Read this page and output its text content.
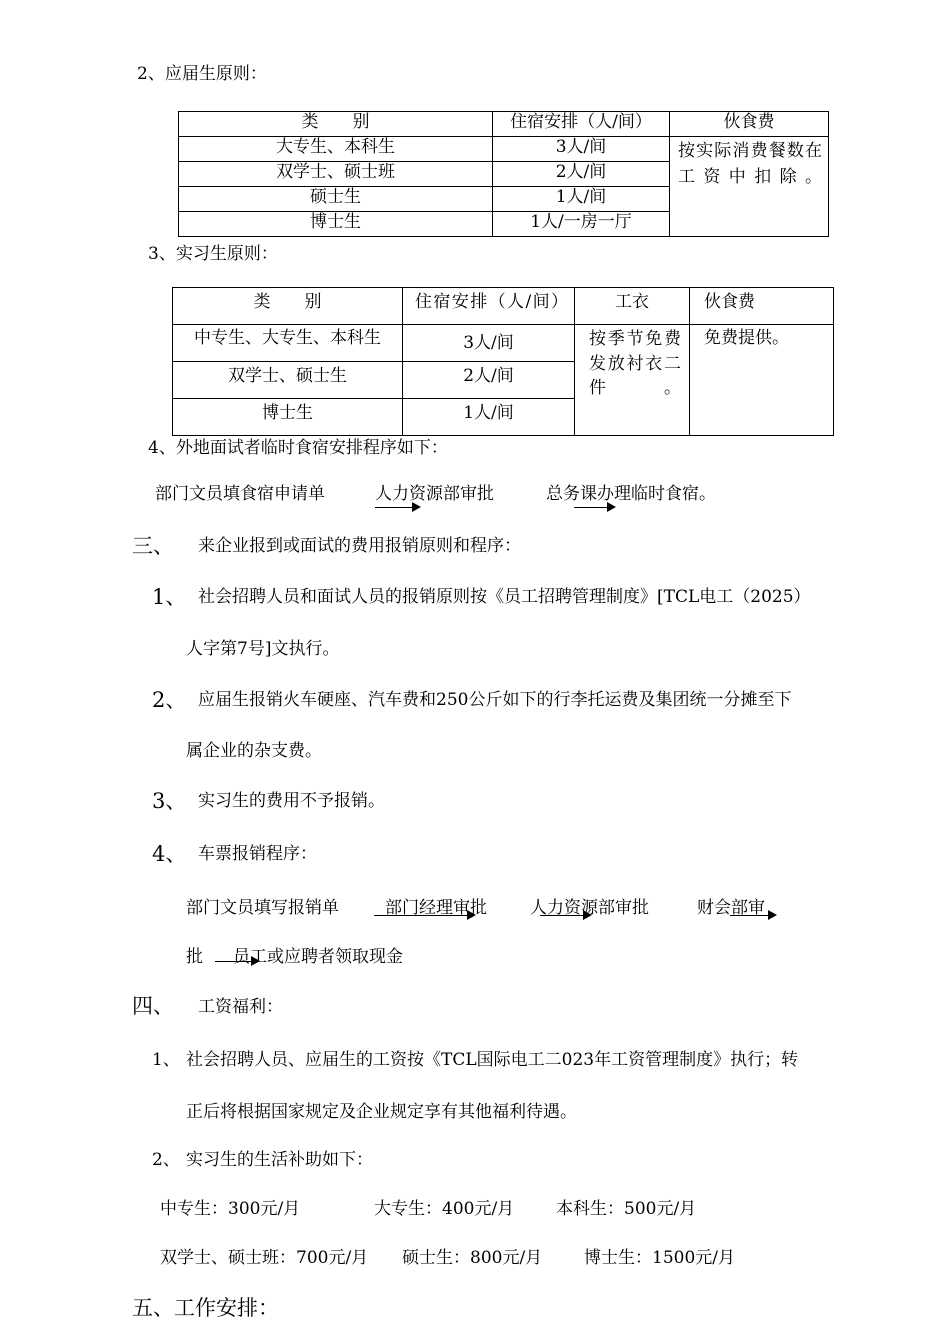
2、应届生原则：
类　　别	住宿安排（人/间）	伙食费
大专生、本科生	3人/间	按实际消费餐数在工资中扣除。
双学士、硕士班	2人/间	
硕士生	1人/间	
博士生	1人/一房一厅	
3、实习生原则：
类　　别	住宿安排（人/间）	工衣	伙食费
中专生、大专生、本科生	3人/间	按季节免费发放衬衣二件。	免费提供。
双学士、硕士生	2人/间		
博士生	1人/间		
4、外地面试者临时食宿安排程序如下：
部门文员填食宿申请单	人力资源部审批	总务课办理临时食宿。
三、 来企业报到或面试的费用报销原则和程序：
1、 社会招聘人员和面试人员的报销原则按《员工招聘管理制度》[TCL电工（2025）
人字第7号]文执行。
2、 应届生报销火车硬座、汽车费和250公斤如下的行李托运费及集团统一分摊至下
属企业的杂支费。
3、 实习生的费用不予报销。
4、 车票报销程序：
部门文员填写报销单	部门经理审批	人力资源部审批	财会部审
批 员工或应聘者领取现金
四、 工资福利：
1、 社会招聘人员、应届生的工资按《TCL国际电工二023年工资管理制度》执行；转
正后将根据国家规定及企业规定享有其他福利待遇。
2、 实习生的生活补助如下：
中专生：300元/月	大专生：400元/月 本科生：500元/月
双学士、硕士班：700元/月 硕士生：800元/月 博士生：1500元/月
五、工作安排：
